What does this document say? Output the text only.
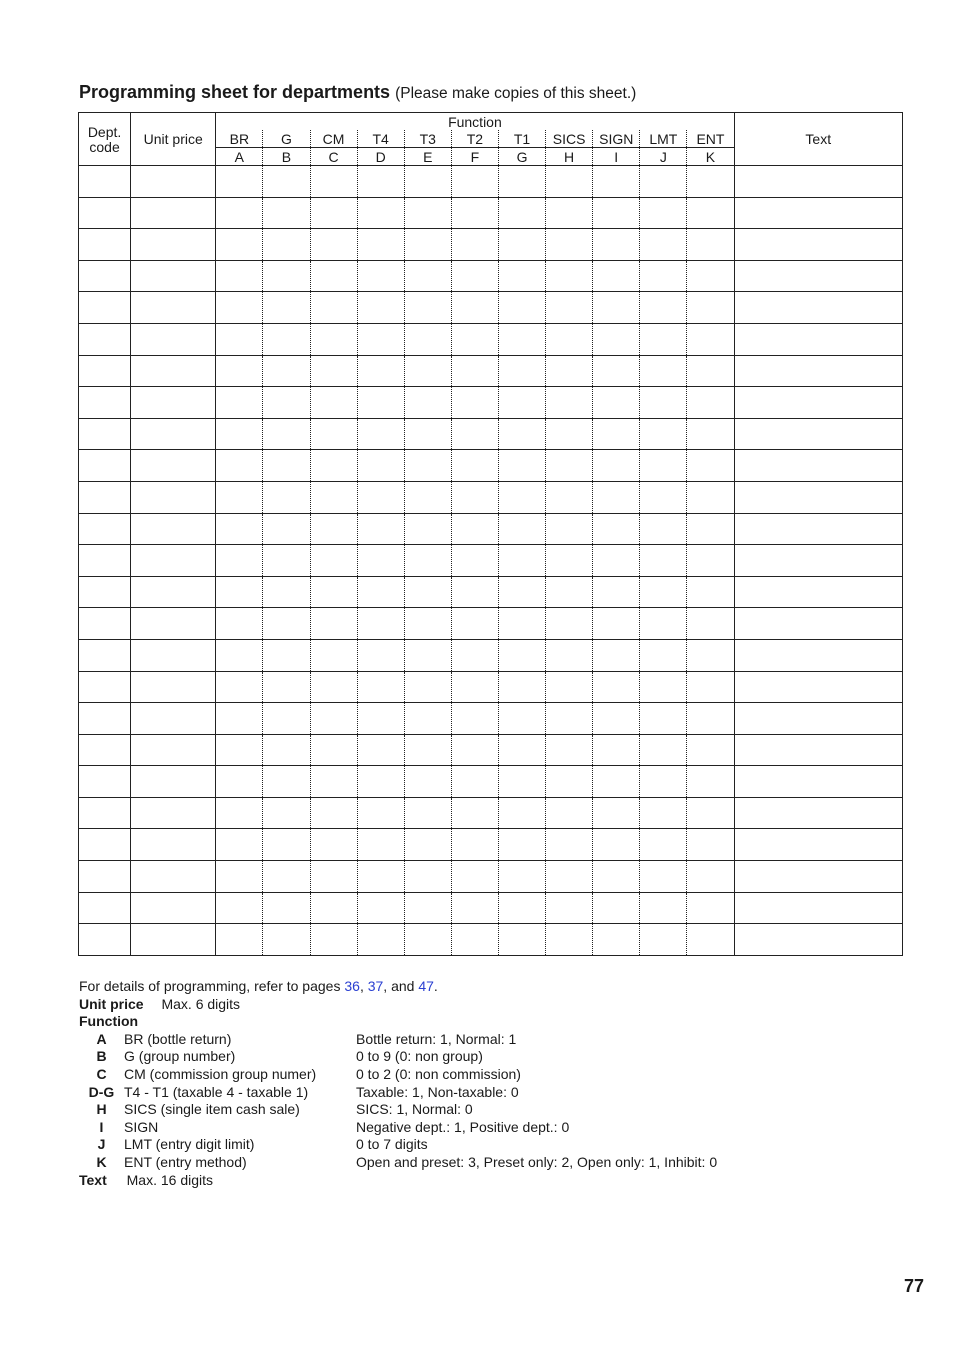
Programming sheet for departments (Please make copies of this sheet.)
Dept.
code	Unit price	Function											Text
		BR	G	CM	T4	T3	T2	T1	SICS	SIGN	LMT	ENT	
		A	B	C	D	E	F	G	H	I	J	K	

For details of programming, refer to pages 36, 37, and 47.
Unit price Max. 6 digits
Function
A	BR (bottle return)	Bottle return: 1, Normal: 1
B	G (group number)	0 to 9 (0: non group)
C	CM (commission group numer)	0 to 2 (0: non commission)
D-G T4 - T1 (taxable 4 - taxable 1)	Taxable: 1, Non-taxable: 0
H	SICS (single item cash sale)	SICS: 1, Normal: 0
I	SIGN	Negative dept.: 1, Positive dept.: 0
J	LMT (entry digit limit)	0 to 7 digits
K	ENT (entry method)	Open and preset: 3, Preset only: 2, Open only: 1, Inhibit: 0
Text Max. 16 digits
77
